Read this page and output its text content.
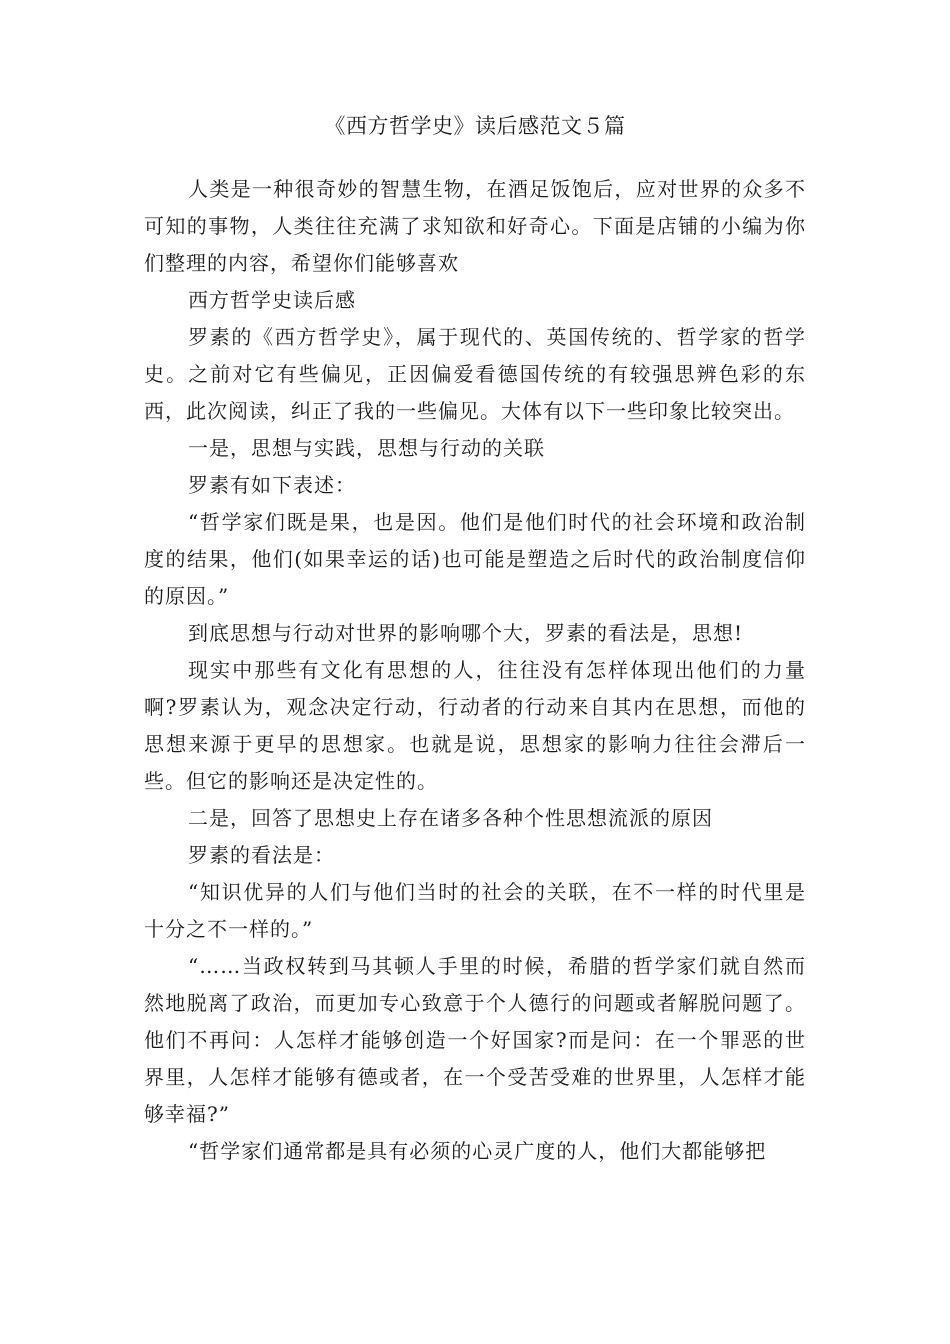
《西方哲学史》读后感范文５篇

人类是一种很奇妙的智慧生物，在酒足饭饱后，应对世界的众多不可知的事物，人类往往充满了求知欲和好奇心。下面是店铺的小编为你们整理的内容，希望你们能够喜欢

西方哲学史读后感

罗素的《西方哲学史》，属于现代的、英国传统的、哲学家的哲学史。之前对它有些偏见，正因偏爱看德国传统的有较强思辨色彩的东西，此次阅读，纠正了我的一些偏见。大体有以下一些印象比较突出。

一是，思想与实践，思想与行动的关联

罗素有如下表述：

“哲学家们既是果，也是因。他们是他们时代的社会环境和政治制度的结果，他们(如果幸运的话)也可能是塑造之后时代的政治制度信仰的原因。”

到底思想与行动对世界的影响哪个大，罗素的看法是，思想!

现实中那些有文化有思想的人，往往没有怎样体现出他们的力量啊?罗素认为，观念决定行动，行动者的行动来自其内在思想，而他的思想来源于更早的思想家。也就是说，思想家的影响力往往会滞后一些。但它的影响还是决定性的。

二是，回答了思想史上存在诸多各种个性思想流派的原因

罗素的看法是：

“知识优异的人们与他们当时的社会的关联，在不一样的时代里是十分之不一样的。”

“……当政权转到马其顿人手里的时候，希腊的哲学家们就自然而然地脱离了政治，而更加专心致意于个人德行的问题或者解脱问题了。他们不再问：人怎样才能够创造一个好国家?而是问：在一个罪恶的世界里，人怎样才能够有德或者，在一个受苦受难的世界里，人怎样才能够幸福?”

“哲学家们通常都是具有必须的心灵广度的人，他们大都能够把
